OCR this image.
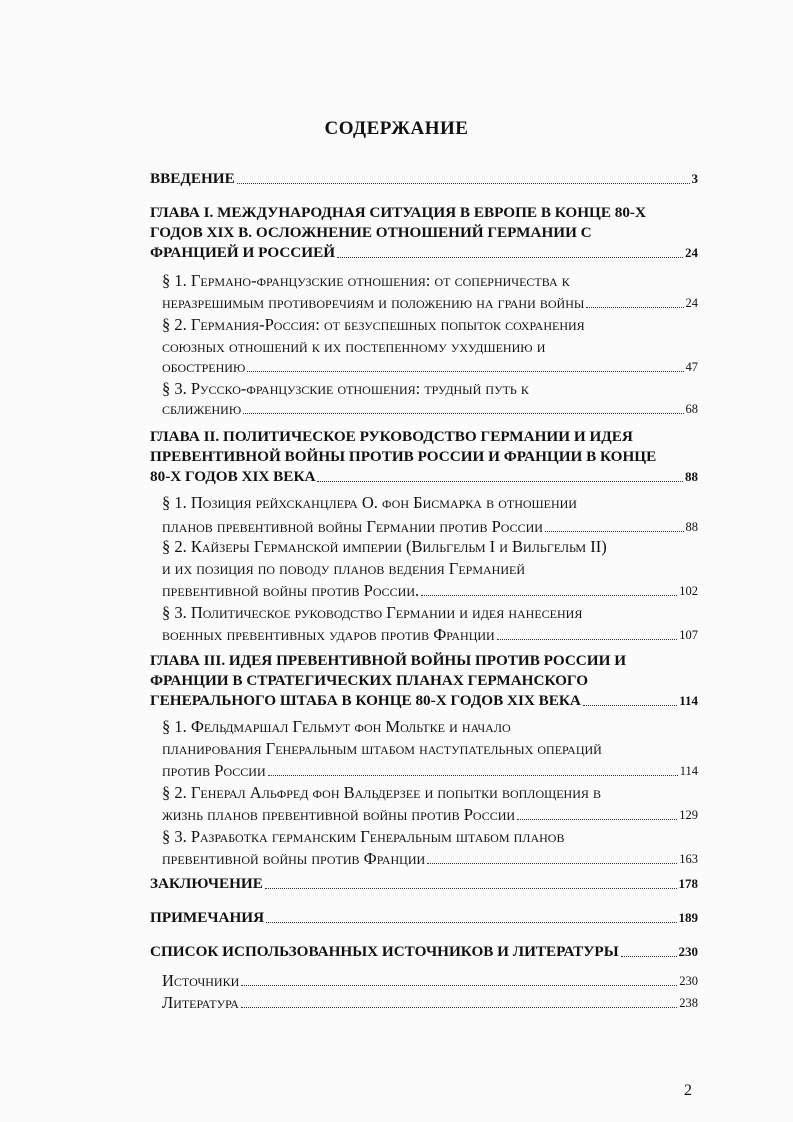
СОДЕРЖАНИЕ
ВВЕДЕНИЕ	3
ГЛАВА I. МЕЖДУНАРОДНАЯ СИТУАЦИЯ В ЕВРОПЕ В КОНЦЕ 80-Х
ГОДОВ XIX В. ОСЛОЖНЕНИЕ ОТНОШЕНИЙ ГЕРМАНИИ С
ФРАНЦИЕЙ И РОССИЕЙ	24
§ 1. Германо-французские отношения: от соперничества к
неразрешимым противоречиям и положению на грани войны	24
§ 2. Германия-Россия: от безуспешных попыток сохранения
союзных отношений к их постепенному ухудшению и
обострению	47
§ 3. Русско-французские отношения: трудный путь к
сближению	68
ГЛАВА II. ПОЛИТИЧЕСКОЕ РУКОВОДСТВО ГЕРМАНИИ И ИДЕЯ
ПРЕВЕНТИВНОЙ ВОЙНЫ ПРОТИВ РОССИИ И ФРАНЦИИ В КОНЦЕ
80-Х ГОДОВ XIX ВЕКА	88
§ 1. Позиция рейхсканцлера О. фон Бисмарка в отношении
планов превентивной войны Германии против России	88
§ 2. Кайзеры Германской империи (Вильгельм I и Вильгельм II)
и их позиция по поводу планов ведения Германией
превентивной войны против России.	102
§ 3. Политическое руководство Германии и идея нанесения
военных превентивных ударов против Франции	107
ГЛАВА III. ИДЕЯ ПРЕВЕНТИВНОЙ ВОЙНЫ ПРОТИВ РОССИИ И
ФРАНЦИИ В СТРАТЕГИЧЕСКИХ ПЛАНАХ ГЕРМАНСКОГО
ГЕНЕРАЛЬНОГО ШТАБА В КОНЦЕ 80-Х ГОДОВ XIX ВЕКА	114
§ 1. Фельдмаршал Гельмут фон Мольтке и начало
планирования Генеральным штабом наступательных операций
против России	114
§ 2. Генерал Альфред фон Вальдерзее и попытки воплощения в
жизнь планов превентивной войны против России	129
§ 3. Разработка германским Генеральным штабом планов
превентивной войны против Франции	163
ЗАКЛЮЧЕНИЕ	178
ПРИМЕЧАНИЯ	189
СПИСОК ИСПОЛЬЗОВАННЫХ ИСТОЧНИКОВ И ЛИТЕРАТУРЫ	230
Источники	230
Литература	238
2
